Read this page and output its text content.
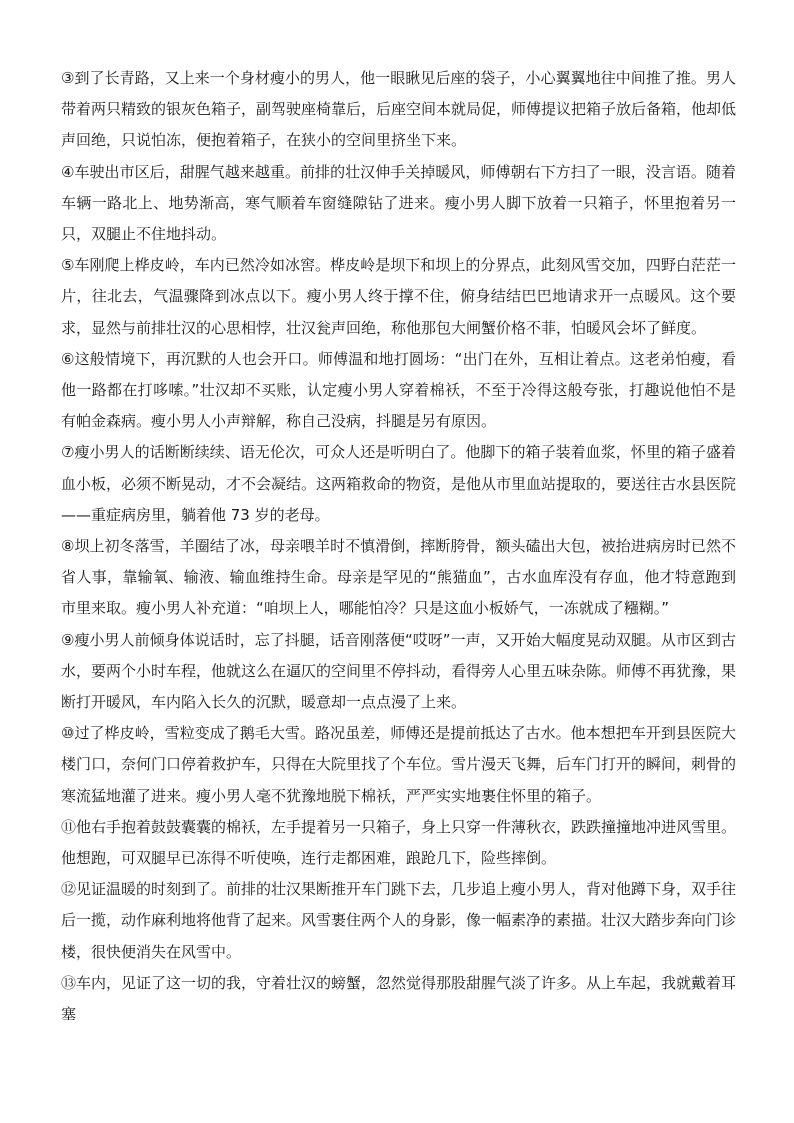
③到了长青路，又上来一个身材瘦小的男人，他一眼瞅见后座的袋子，小心翼翼地往中间推了推。男人带着两只精致的银灰色箱子，副驾驶座椅靠后，后座空间本就局促，师傅提议把箱子放后备箱，他却低声回绝，只说怕冻，便抱着箱子，在狭小的空间里挤坐下来。

④车驶出市区后，甜腥气越来越重。前排的壮汉伸手关掉暖风，师傅朝右下方扫了一眼，没言语。随着车辆一路北上、地势渐高，寒气顺着车窗缝隙钻了进来。瘦小男人脚下放着一只箱子，怀里抱着另一只，双腿止不住地抖动。

⑤车刚爬上桦皮岭，车内已然冷如冰窖。桦皮岭是坝下和坝上的分界点，此刻风雪交加，四野白茫茫一片，往北去，气温骤降到冰点以下。瘦小男人终于撑不住，俯身结结巴巴地请求开一点暖风。这个要求，显然与前排壮汉的心思相悖，壮汉瓮声回绝，称他那包大闸蟹价格不菲，怕暖风会坏了鲜度。

⑥这般情境下，再沉默的人也会开口。师傅温和地打圆场：“出门在外，互相让着点。这老弟怕瘦，看他一路都在打哆嗦。”壮汉却不买账，认定瘦小男人穿着棉袄，不至于冷得这般夸张，打趣说他怕不是有帕金森病。瘦小男人小声辩解，称自己没病，抖腿是另有原因。

⑦瘦小男人的话断断续续、语无伦次，可众人还是听明白了。他脚下的箱子装着血浆，怀里的箱子盛着血小板，必须不断晃动，才不会凝结。这两箱救命的物资，是他从市里血站提取的，要送往古水县医院——重症病房里，躺着他 73 岁的老母。

⑧坝上初冬落雪，羊圈结了冰，母亲喂羊时不慎滑倒，摔断胯骨，额头磕出大包，被抬进病房时已然不省人事，靠输氧、输液、输血维持生命。母亲是罕见的“熊猫血”，古水血库没有存血，他才特意跑到市里来取。瘦小男人补充道：“咱坝上人，哪能怕冷？只是这血小板娇气，一冻就成了糨糊。”

⑨瘦小男人前倾身体说话时，忘了抖腿，话音刚落便“哎呀”一声，又开始大幅度晃动双腿。从市区到古水，要两个小时车程，他就这么在逼仄的空间里不停抖动，看得旁人心里五味杂陈。师傅不再犹豫，果断打开暖风，车内陷入长久的沉默，暖意却一点点漫了上来。

⑩过了桦皮岭，雪粒变成了鹅毛大雪。路况虽差，师傅还是提前抵达了古水。他本想把车开到县医院大楼门口，奈何门口停着救护车，只得在大院里找了个车位。雪片漫天飞舞，后车门打开的瞬间，刺骨的寒流猛地灌了进来。瘦小男人毫不犹豫地脱下棉袄，严严实实地裹住怀里的箱子。

⑪他右手抱着鼓鼓囊囊的棉袄，左手提着另一只箱子，身上只穿一件薄秋衣，跌跌撞撞地冲进风雪里。他想跑，可双腿早已冻得不听使唤，连行走都困难，踉跄几下，险些摔倒。

⑫见证温暖的时刻到了。前排的壮汉果断推开车门跳下去，几步追上瘦小男人，背对他蹲下身，双手往后一揽，动作麻利地将他背了起来。风雪裹住两个人的身影，像一幅素净的素描。壮汉大踏步奔向门诊楼，很快便消失在风雪中。

⑬车内，见证了这一切的我，守着壮汉的螃蟹，忽然觉得那股甜腥气淡了许多。从上车起，我就戴着耳塞
